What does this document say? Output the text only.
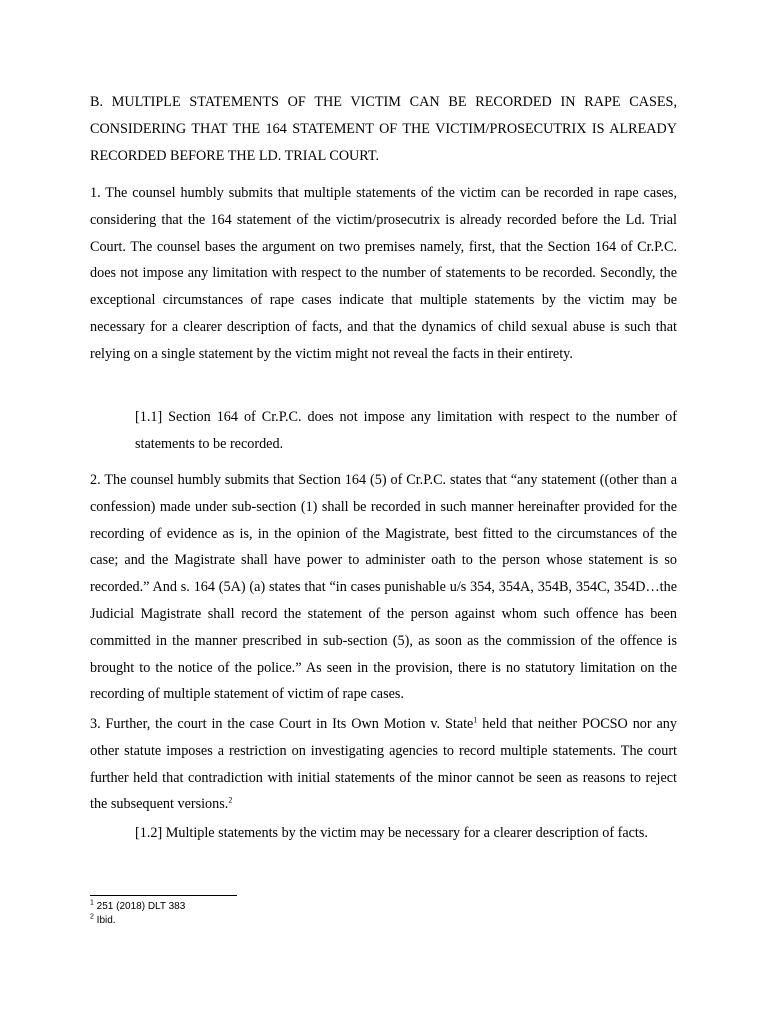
B. MULTIPLE STATEMENTS OF THE VICTIM CAN BE RECORDED IN RAPE CASES, CONSIDERING THAT THE 164 STATEMENT OF THE VICTIM/PROSECUTRIX IS ALREADY RECORDED BEFORE THE LD. TRIAL COURT.
1. The counsel humbly submits that multiple statements of the victim can be recorded in rape cases, considering that the 164 statement of the victim/prosecutrix is already recorded before the Ld. Trial Court. The counsel bases the argument on two premises namely, first, that the Section 164 of Cr.P.C. does not impose any limitation with respect to the number of statements to be recorded. Secondly, the exceptional circumstances of rape cases indicate that multiple statements by the victim may be necessary for a clearer description of facts, and that the dynamics of child sexual abuse is such that relying on a single statement by the victim might not reveal the facts in their entirety.
[1.1] Section 164 of Cr.P.C. does not impose any limitation with respect to the number of statements to be recorded.
2. The counsel humbly submits that Section 164 (5) of Cr.P.C. states that “any statement ((other than a confession) made under sub-section (1) shall be recorded in such manner hereinafter provided for the recording of evidence as is, in the opinion of the Magistrate, best fitted to the circumstances of the case; and the Magistrate shall have power to administer oath to the person whose statement is so recorded.” And s. 164 (5A) (a) states that “in cases punishable u/s 354, 354A, 354B, 354C, 354D…the Judicial Magistrate shall record the statement of the person against whom such offence has been committed in the manner prescribed in sub-section (5), as soon as the commission of the offence is brought to the notice of the police.” As seen in the provision, there is no statutory limitation on the recording of multiple statement of victim of rape cases.
3. Further, the court in the case Court in Its Own Motion v. State$^1$ held that neither POCSO nor any other statute imposes a restriction on investigating agencies to record multiple statements. The court further held that contradiction with initial statements of the minor cannot be seen as reasons to reject the subsequent versions.$^2$
[1.2] Multiple statements by the victim may be necessary for a clearer description of facts.
$^1$ 251 (2018) DLT 383
$^2$ Ibid.
